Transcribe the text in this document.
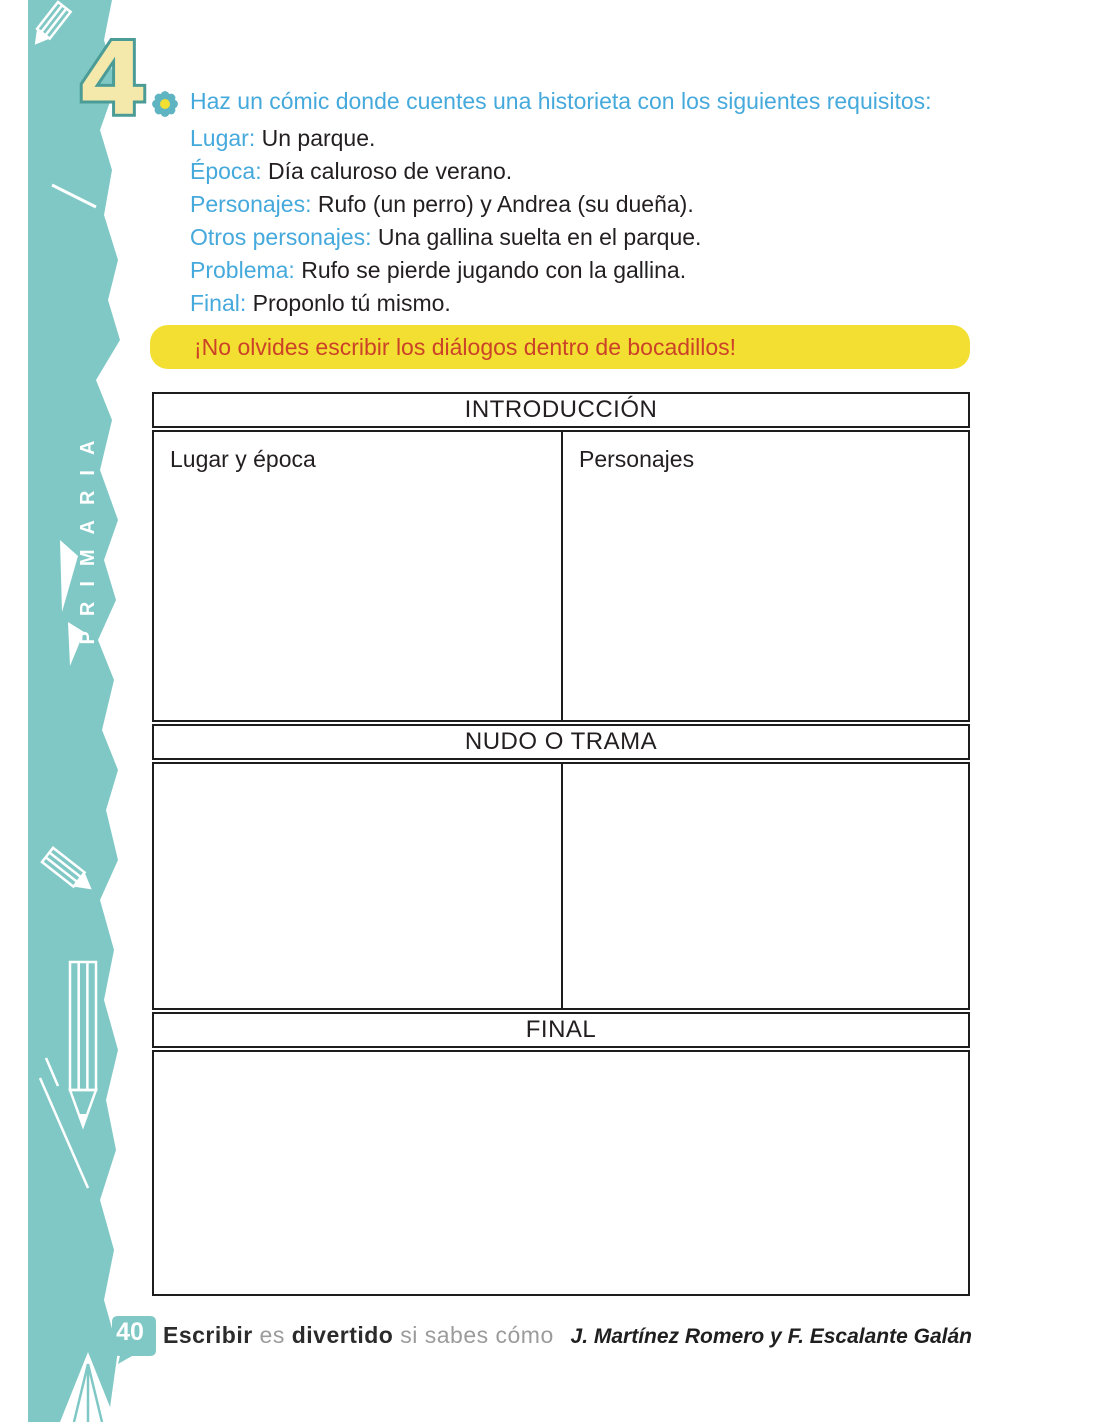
PRIMARIA
4 Haz un cómic donde cuentes una historieta con los siguientes requisitos:
Lugar: Un parque.
Época: Día caluroso de verano.
Personajes: Rufo (un perro) y Andrea (su dueña).
Otros personajes: Una gallina suelta en el parque.
Problema: Rufo se pierde jugando con la gallina.
Final: Proponlo tú mismo.
¡No olvides escribir los diálogos dentro de bocadillos!
INTRODUCCIÓN
Lugar y época	Personajes
NUDO O TRAMA
FINAL
40 Escribir es divertido si sabes cómo J. Martínez Romero y F. Escalante Galán
